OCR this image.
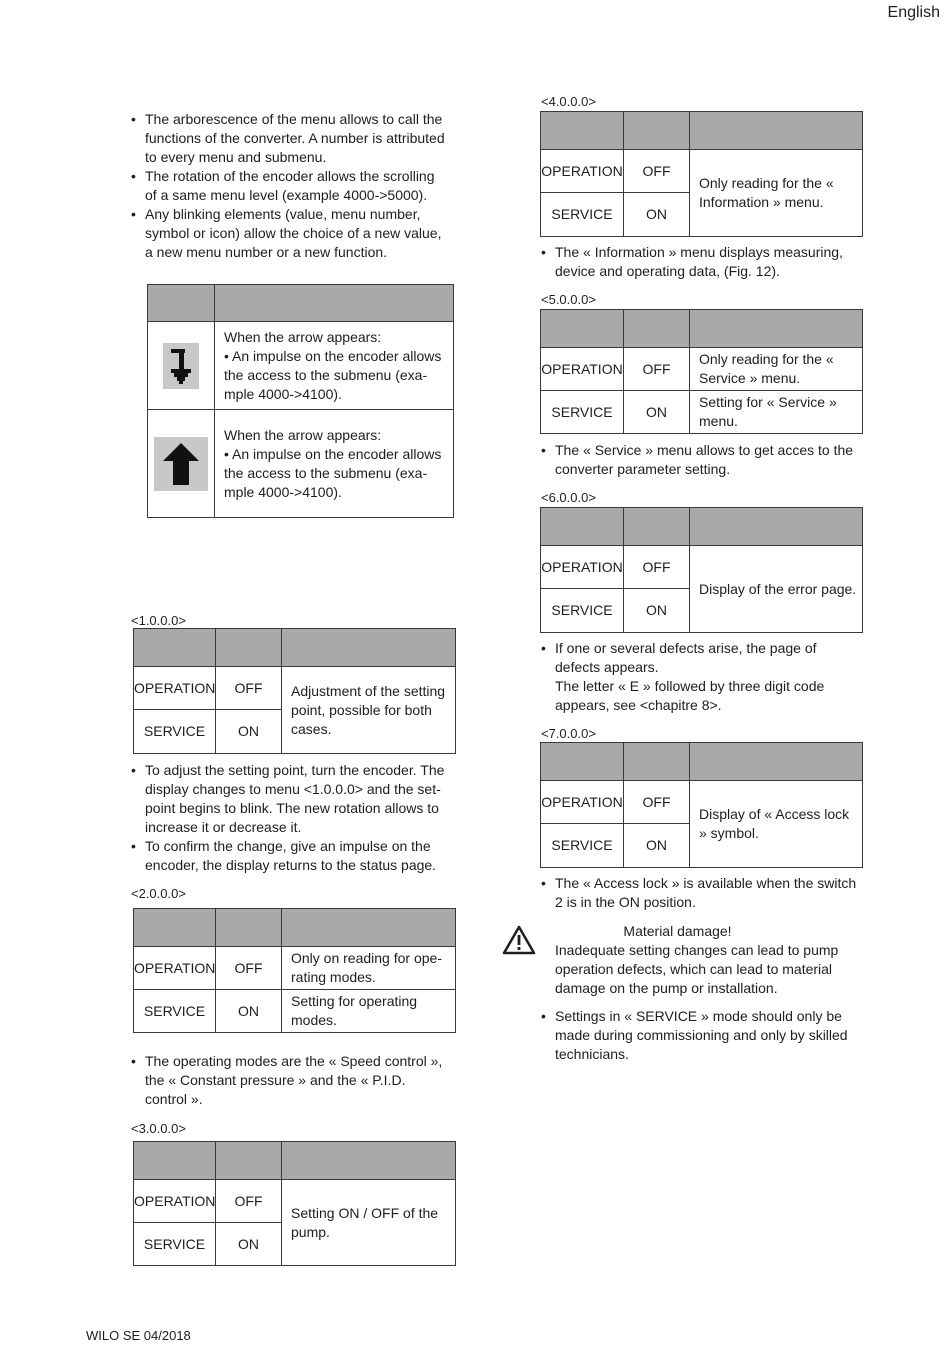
English
WILO SE 04/2018
• The arborescence of the menu allows to call the functions of the converter. A number is attributed to every menu and submenu.
• The rotation of the encoder allows the scrolling of a same menu level (example 4000->5000).
• Any blinking elements (value, menu number, symbol or icon) allow the choice of a new value, a new menu number or a new function.

When the arrow appears:
• An impulse on the encoder allows the access to the submenu (example 4000->4100).

When the arrow appears:
• An impulse on the encoder allows the access to the submenu (example 4000->4100).
<1.0.0.0>

OPERATION	OFF	Adjustment of the setting point, possible for both cases.
SERVICE	ON	
• To adjust the setting point, turn the encoder. The display changes to menu <1.0.0.0> and the set-point begins to blink. The new rotation allows to increase it or decrease it.
• To confirm the change, give an impulse on the encoder, the display returns to the status page.
<2.0.0.0>

OPERATION	OFF	Only on reading for operating modes.
SERVICE	ON	Setting for operating modes.
• The operating modes are the « Speed control », the « Constant pressure » and the « P.I.D. control ».
<3.0.0.0>

OPERATION	OFF	Setting ON / OFF of the pump.
SERVICE	ON	
<4.0.0.0>

OPERATION	OFF	Only reading for the « Information » menu.
SERVICE	ON	
• The « Information » menu displays measuring, device and operating data, (Fig. 12).
<5.0.0.0>

OPERATION	OFF	Only reading for the « Service » menu.
SERVICE	ON	Setting for « Service » menu.
• The « Service » menu allows to get acces to the converter parameter setting.
<6.0.0.0>

OPERATION	OFF	Display of the error page.
SERVICE	ON	
• If one or several defects arise, the page of defects appears.
The letter « E » followed by three digit code appears, see <chapitre 8>.
<7.0.0.0>

OPERATION	OFF	Display of « Access lock » symbol.
SERVICE	ON	
• The « Access lock » is available when the switch 2 is in the ON position.
Material damage!
Inadequate setting changes can lead to pump operation defects, which can lead to material damage on the pump or installation.
• Settings in « SERVICE » mode should only be made during commissioning and only by skilled technicians.
